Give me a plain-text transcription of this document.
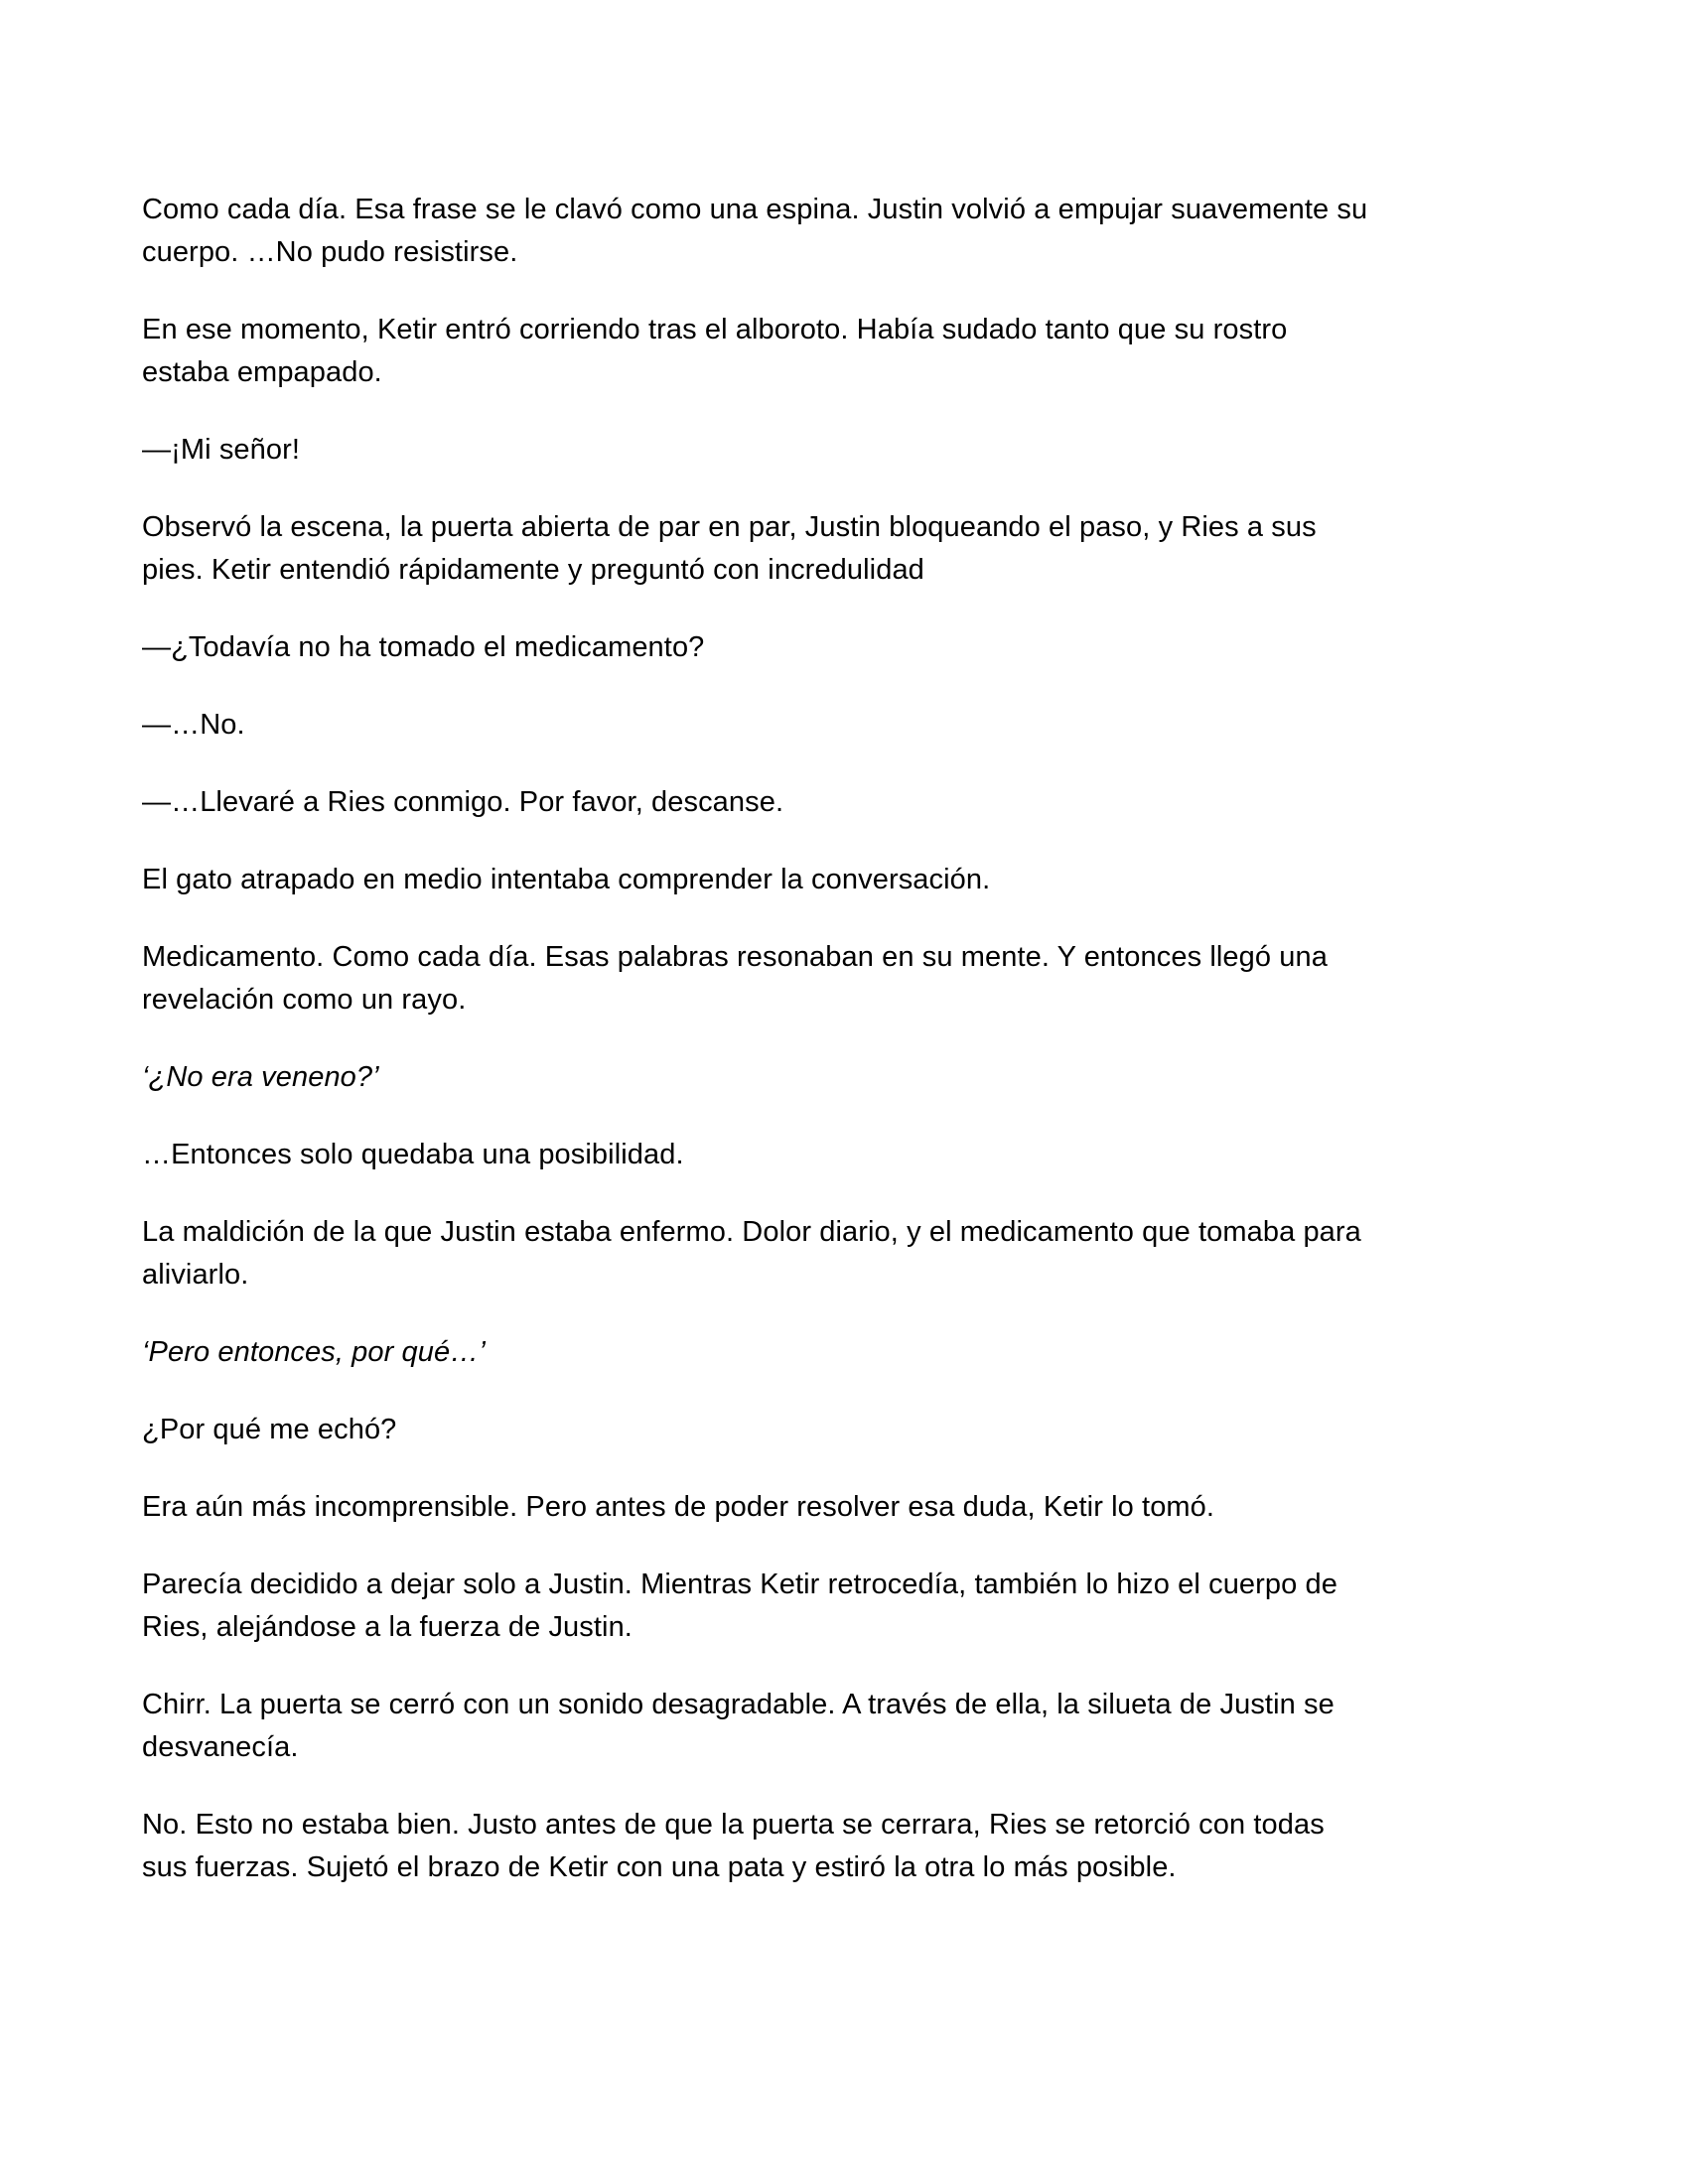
Como cada día. Esa frase se le clavó como una espina. Justin volvió a empujar suavemente su
cuerpo. …No pudo resistirse.

En ese momento, Ketir entró corriendo tras el alboroto. Había sudado tanto que su rostro
estaba empapado.

—¡Mi señor!

Observó la escena, la puerta abierta de par en par, Justin bloqueando el paso, y Ries a sus
pies. Ketir entendió rápidamente y preguntó con incredulidad

—¿Todavía no ha tomado el medicamento?

—…No.

—…Llevaré a Ries conmigo. Por favor, descanse.

El gato atrapado en medio intentaba comprender la conversación.

Medicamento. Como cada día. Esas palabras resonaban en su mente. Y entonces llegó una
revelación como un rayo.

‘¿No era veneno?’

…Entonces solo quedaba una posibilidad.

La maldición de la que Justin estaba enfermo. Dolor diario, y el medicamento que tomaba para
aliviarlo.

‘Pero entonces, por qué…’

¿Por qué me echó?

Era aún más incomprensible. Pero antes de poder resolver esa duda, Ketir lo tomó.

Parecía decidido a dejar solo a Justin. Mientras Ketir retrocedía, también lo hizo el cuerpo de
Ries, alejándose a la fuerza de Justin.

Chirr. La puerta se cerró con un sonido desagradable. A través de ella, la silueta de Justin se
desvanecía.

No. Esto no estaba bien. Justo antes de que la puerta se cerrara, Ries se retorció con todas
sus fuerzas. Sujetó el brazo de Ketir con una pata y estiró la otra lo más posible.
